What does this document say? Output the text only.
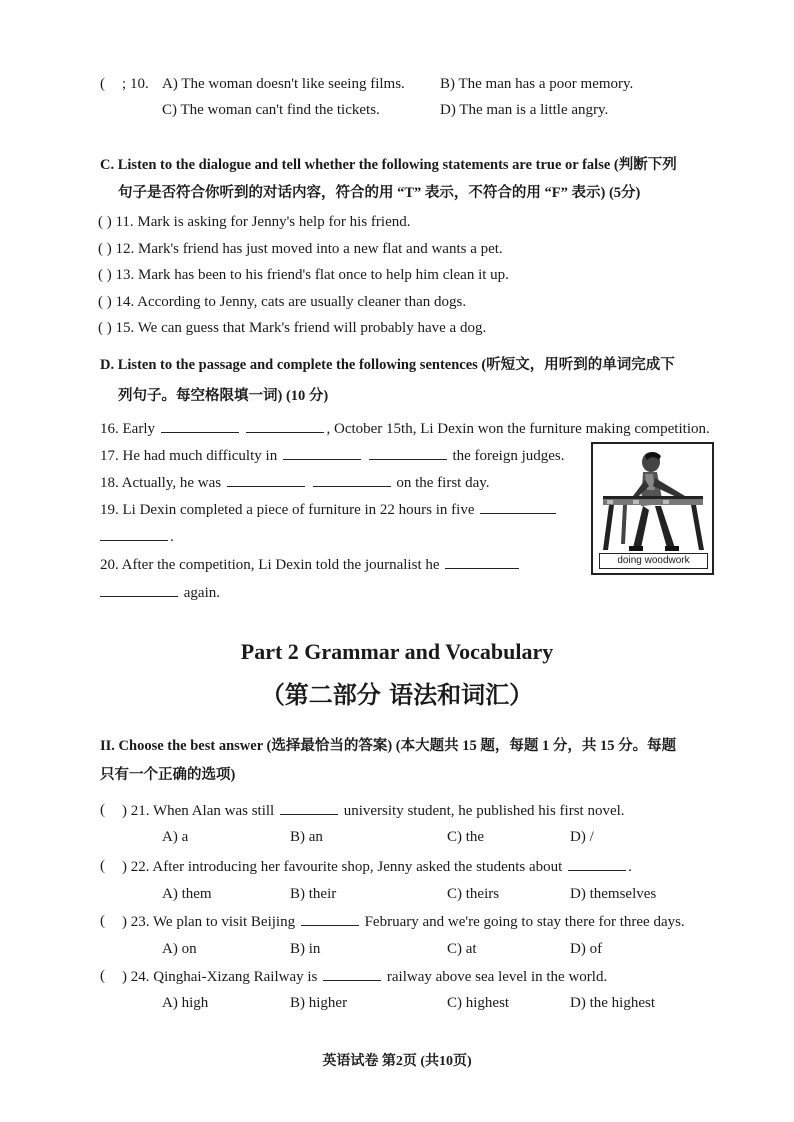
( ; 10. A) The woman doesn't like seeing films. B) The man has a poor memory.
C) The woman can't find the tickets.	D) The man is a little angry.
C. Listen to the dialogue and tell whether the following statements are true or false (判断下列
句子是否符合你听到的对话内容，符合的用 “T” 表示，不符合的用 “F” 表示) (5分)
( ) 11. Mark is asking for Jenny's help for his friend.
( ) 12. Mark's friend has just moved into a new flat and wants a pet.
( ) 13. Mark has been to his friend's flat once to help him clean it up.
( ) 14. According to Jenny, cats are usually cleaner than dogs.
( ) 15. We can guess that Mark's friend will probably have a dog.
D. Listen to the passage and complete the following sentences (听短文，用听到的单词完成下
列句子。每空格限填一词) (10 分)
16. Early	, October 15th, Li Dexin won the furniture making competition.
17. He had much difficulty in	the foreign judges.
18. Actually, he was	on the first day.
19. Li Dexin completed a piece of furniture in 22 hours in five
.
20. After the competition, Li Dexin told the journalist he
again.
doing woodwork
Part 2 Grammar and Vocabulary
（第二部分 语法和词汇）
II. Choose the best answer (选择最恰当的答案) (本大题共 15 题，每题 1 分，共 15 分。每题
只有一个正确的选项)
( ) 21. When Alan was still	university student, he published his first novel.
A) a	B) an	C) the	D) /
( ) 22. After introducing her favourite shop, Jenny asked the students about	.
A) them	B) their	C) theirs	D) themselves
( ) 23. We plan to visit Beijing	February and we're going to stay there for three days.
A) on	B) in	C) at	D) of
( ) 24. Qinghai-Xizang Railway is	railway above sea level in the world.
A) high	B) higher	C) highest	D) the highest
英语试卷 第2页 (共10页)
